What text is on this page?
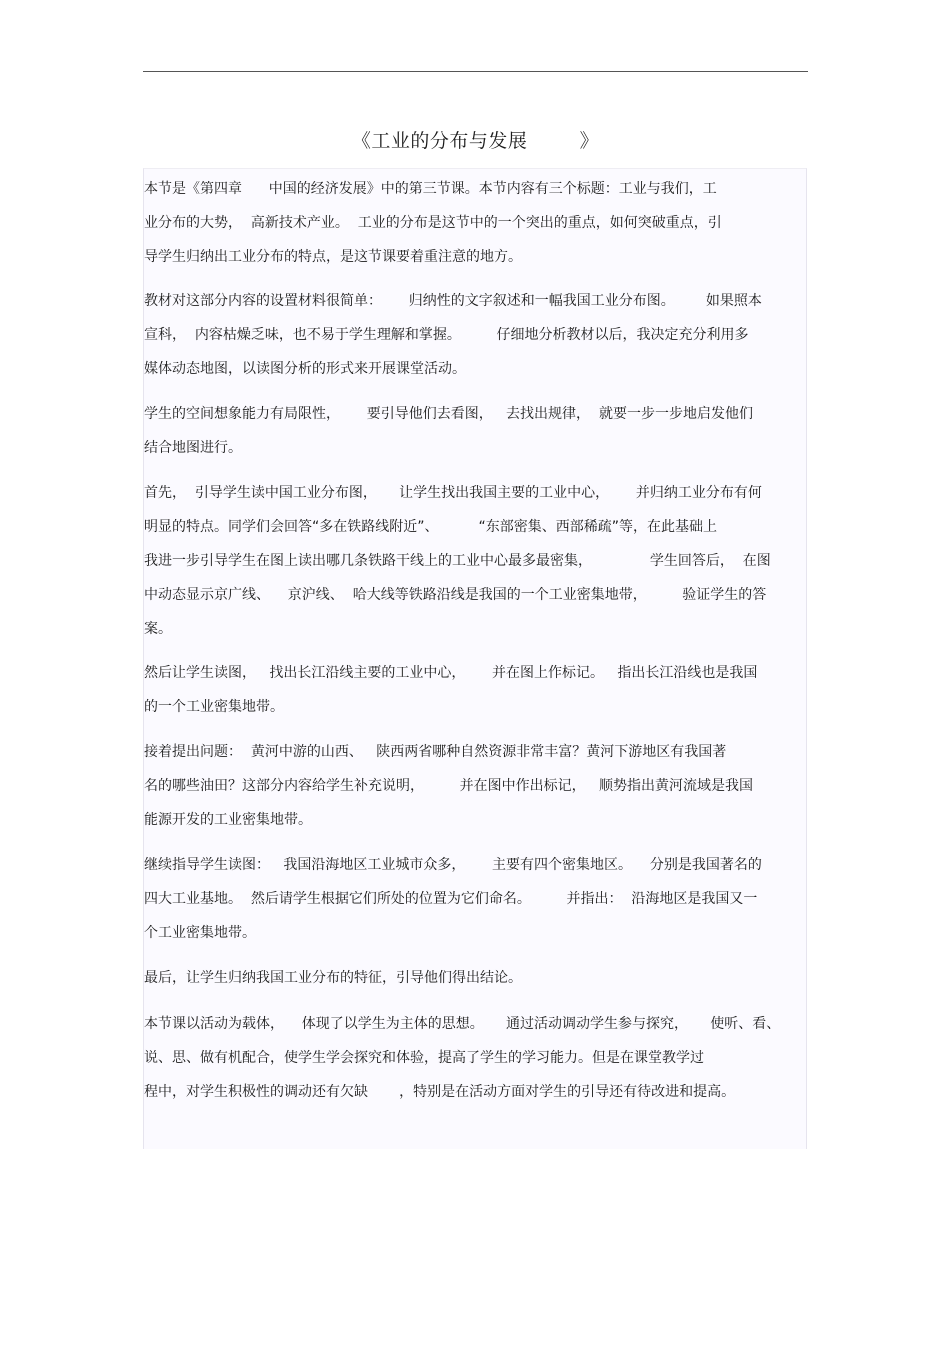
《工业的分布与发展        》
本节是《第四章      中国的经济发展》中的第三节课。本节内容有三个标题：工业与我们，工
业分布的大势，  高新技术产业。  工业的分布是这节中的一个突出的重点，如何突破重点，引
导学生归纳出工业分布的特点，是这节课要着重注意的地方。
教材对这部分内容的设置材料很简单：      归纳性的文字叙述和一幅我国工业分布图。       如果照本
宣科，  内容枯燥乏味，也不易于学生理解和掌握。        仔细地分析教材以后，我决定充分利用多
媒体动态地图，以读图分析的形式来开展课堂活动。
学生的空间想象能力有局限性，      要引导他们去看图，   去找出规律，  就要一步一步地启发他们
结合地图进行。
首先，  引导学生读中国工业分布图，     让学生找出我国主要的工业中心，      并归纳工业分布有何
明显的特点。同学们会回答“多在铁路线附近”、         “东部密集、西部稀疏”等，在此基础上
我进一步引导学生在图上读出哪几条铁路干线上的工业中心最多最密集，             学生回答后，  在图
中动态显示京广线、    京沪线、  哈大线等铁路沿线是我国的一个工业密集地带，        验证学生的答
案。
然后让学生读图，   找出长江沿线主要的工业中心，      并在图上作标记。   指出长江沿线也是我国
的一个工业密集地带。
接着提出问题：  黄河中游的山西、   陕西两省哪种自然资源非常丰富？黄河下游地区有我国著
名的哪些油田？这部分内容给学生补充说明，        并在图中作出标记，   顺势指出黄河流域是我国
能源开发的工业密集地带。
继续指导学生读图：   我国沿海地区工业城市众多，      主要有四个密集地区。    分别是我国著名的
四大工业基地。  然后请学生根据它们所处的位置为它们命名。        并指出：  沿海地区是我国又一
个工业密集地带。
最后，让学生归纳我国工业分布的特征，引导他们得出结论。
本节课以活动为载体，    体现了以学生为主体的思想。     通过活动调动学生参与探究，     使听、看、
说、思、做有机配合，使学生学会探究和体验，提高了学生的学习能力。但是在课堂教学过
程中，对学生积极性的调动还有欠缺       ，特别是在活动方面对学生的引导还有待改进和提高。
